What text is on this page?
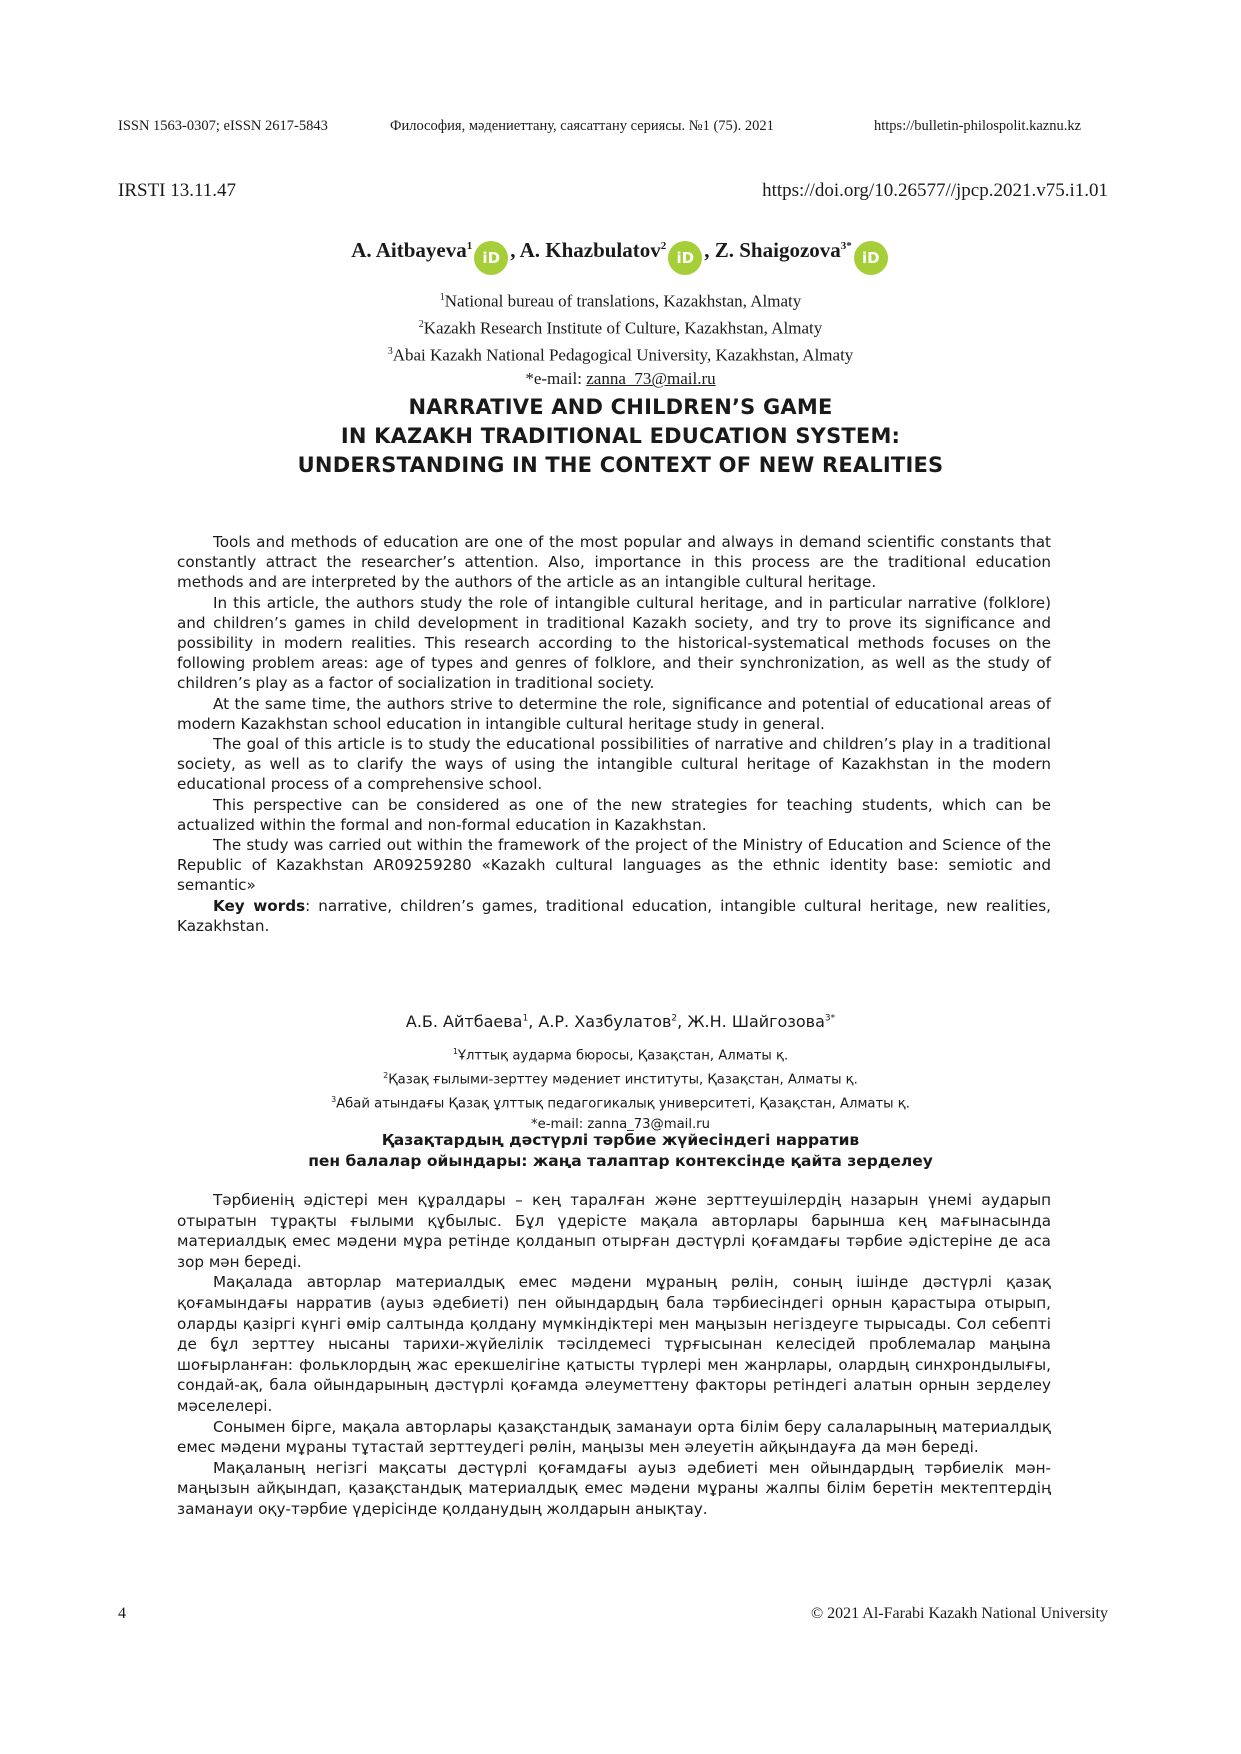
ISSN 1563-0307; eISSN 2617-5843	Философия, мәдениеттану, саясаттану сериясы. №1 (75). 2021	https://bulletin-philospolit.kaznu.kz
IRSTI 13.11.47	https://doi.org/10.26577//jpcp.2021.v75.i1.01
A. Aitbayeva$^1$iD , A. Khazbulatov$^2$iD , Z. Shaigozova$^{3*}$iD
$^1$National bureau of translations, Kazakhstan, Almaty
$^2$Kazakh Research Institute of Culture, Kazakhstan, Almaty
$^3$Abai Kazakh National Pedagogical University, Kazakhstan, Almaty
*e-mail: zanna_73@mail.ru
NARRATIVE AND CHILDREN’S GAME
IN KAZAKH TRADITIONAL EDUCATION SYSTEM:
UNDERSTANDING IN THE CONTEXT OF NEW REALITIES

Tools and methods of education are one of the most popular and always in demand scientific constants that constantly attract the researcher’s attention. Also, importance in this process are the traditional education methods and are interpreted by the authors of the article as an intangible cultural heritage.

In this article, the authors study the role of intangible cultural heritage, and in particular narrative (folklore) and children’s games in child development in traditional Kazakh society, and try to prove its significance and possibility in modern realities. This research according to the historical-systematical methods focuses on the following problem areas: age of types and genres of folklore, and their synchronization, as well as the study of children’s play as a factor of socialization in traditional society.

At the same time, the authors strive to determine the role, significance and potential of educational areas of modern Kazakhstan school education in intangible cultural heritage study in general.

The goal of this article is to study the educational possibilities of narrative and children’s play in a traditional society, as well as to clarify the ways of using the intangible cultural heritage of Kazakhstan in the modern educational process of a comprehensive school.

This perspective can be considered as one of the new strategies for teaching students, which can be actualized within the formal and non-formal education in Kazakhstan.

The study was carried out within the framework of the project of the Ministry of Education and Science of the Republic of Kazakhstan AR09259280 «Kazakh cultural languages as the ethnic identity base: semiotic and semantic»

Key words: narrative, children’s games, traditional education, intangible cultural heritage, new realities, Kazakhstan.

А.Б. Айтбаева$^1$, А.Р. Хазбулатов$^2$, Ж.Н. Шайгозова$^{3*}$
$^1$Ұлттық аударма бюросы, Қазақстан, Алматы қ.
$^2$Қазақ ғылыми-зерттеу мәдениет институты, Қазақстан, Алматы қ.
$^3$Абай атындағы Қазақ ұлттық педагогикалық университеті, Қазақстан, Алматы қ.
*e-mail: zanna_73@mail.ru
Қазақтардың дәстүрлі тәрбие жүйесіндегі нарратив
пен балалар ойындары: жаңа талаптар контексінде қайта зерделеу

Тәрбиенің әдістері мен құралдары – кең таралған және зерттеушілердің назарын үнемі аударып отыратын тұрақты ғылыми құбылыс. Бұл үдерісте мақала авторлары барынша кең мағынасында материалдық емес мәдени мұра ретінде қолданып отырған дәстүрлі қоғамдағы тәрбие әдістеріне де аса зор мән береді.

Мақалада авторлар материалдық емес мәдени мұраның рөлін, соның ішінде дәстүрлі қазақ қоғамындағы нарратив (ауыз әдебиеті) пен ойындардың бала тәрбиесіндегі орнын қарастыра отырып, оларды қазіргі күнгі өмір салтында қолдану мүмкіндіктері мен маңызын негіздеуге тырысады. Сол себепті де бұл зерттеу нысаны тарихи-жүйелілік тәсілдемесі тұрғысынан келесідей проблемалар маңына шоғырланған: фольклордың жас ерекшелігіне қатысты түрлері мен жанрлары, олардың синхрондылығы, сондай-ақ, бала ойындарының дәстүрлі қоғамда әлеуметтену факторы ретіндегі алатын орнын зерделеу мәселелері.

Сонымен бірге, мақала авторлары қазақстандық заманауи орта білім беру салаларының материалдық емес мәдени мұраны тұтастай зерттеудегі рөлін, маңызы мен әлеуетін айқындауға да мән береді.

Мақаланың негізгі мақсаты дәстүрлі қоғамдағы ауыз әдебиеті мен ойындардың тәрбиелік мән-маңызын айқындап, қазақстандық материалдық емес мәдени мұраны жалпы білім беретін мектептердің заманауи оқу-тәрбие үдерісінде қолданудың жолдарын анықтау.

4	© 2021 Al-Farabi Kazakh National University
